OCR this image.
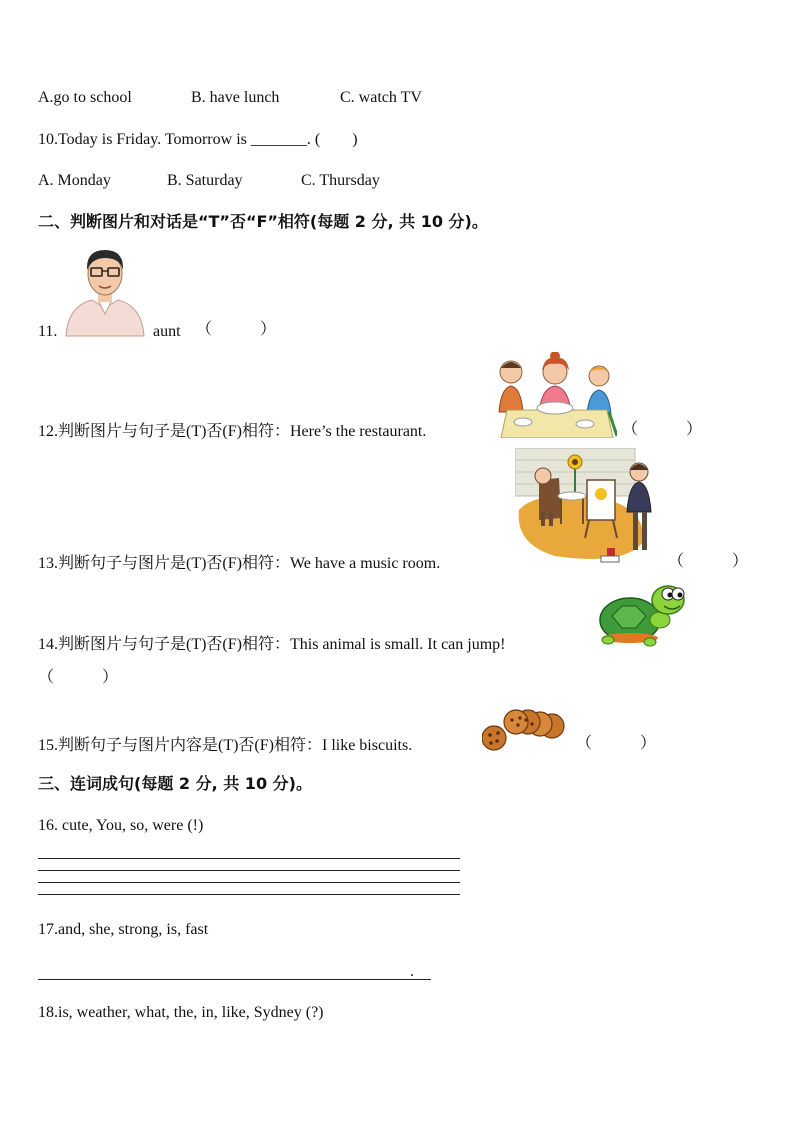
A.go to school	B. have lunch	C. watch TV
10.Today is Friday. Tomorrow is _______. (　　)
A. Monday	B. Saturday	C. Thursday
二、判断图片和对话是“T”否“F”相符(每题 2 分, 共 10 分)。
11.	aunt （　　　）
12.判断图片与句子是(T)否(F)相符：Here’s the restaurant.	（　　　）
13.判断句子与图片是(T)否(F)相符：We have a music room.	（　　　）
14.判断图片与句子是(T)否(F)相符：This animal is small. It can jump!
（　　　）
15.判断句子与图片内容是(T)否(F)相符：I like biscuits.	（　　　）
三、连词成句(每题 2 分, 共 10 分)。
16. cute, You, so, were (!)
17.and, she, strong, is, fast
.
18.is, weather, what, the, in, like, Sydney (?)
